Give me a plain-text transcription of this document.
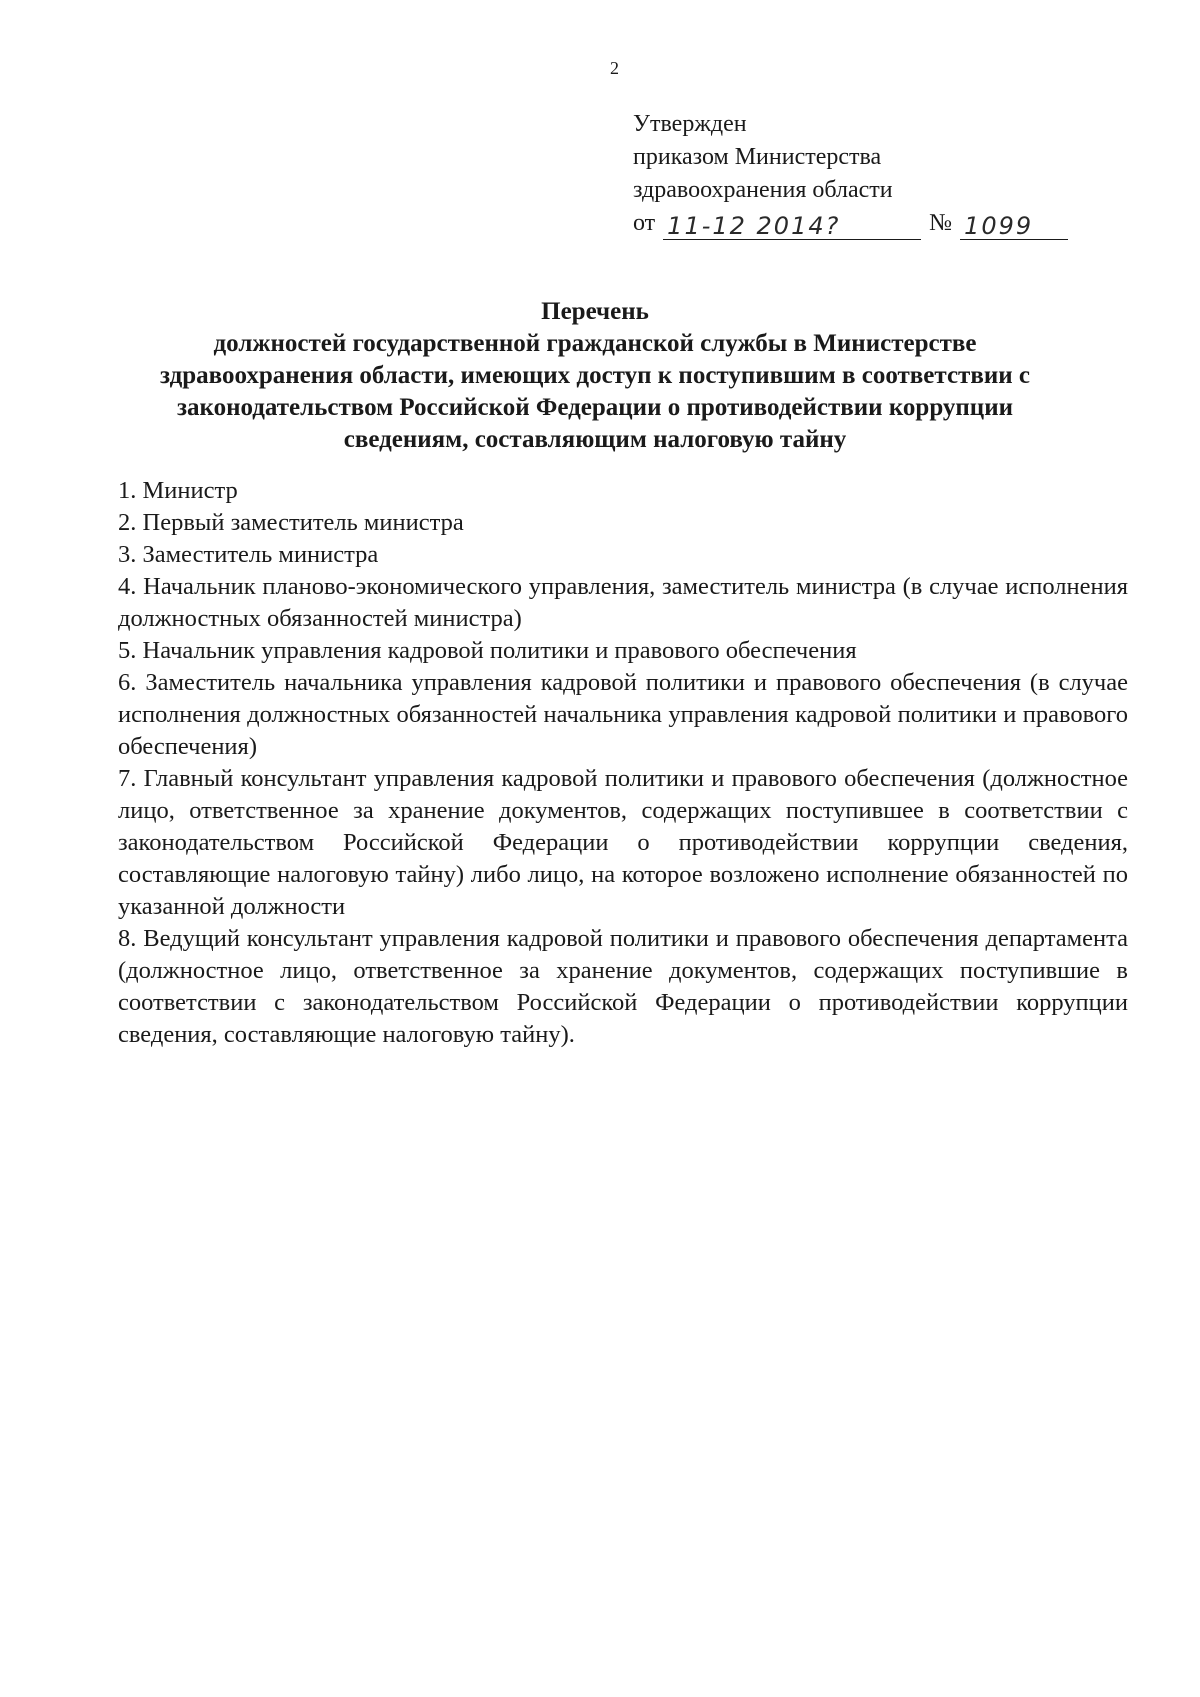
2
Утвержден
приказом Министерства
здравоохранения области
от 11-12 2014?	№ 1099
Перечень
должностей государственной гражданской службы в Министерстве
здравоохранения области, имеющих доступ к поступившим в соответствии с
законодательством Российской Федерации о противодействии коррупции
сведениям, составляющим налоговую тайну

1. Министр

2. Первый заместитель министра

3. Заместитель министра

4. Начальник планово-экономического управления, заместитель министра (в случае исполнения должностных обязанностей министра)

5. Начальник управления кадровой политики и правового обеспечения

6. Заместитель начальника управления кадровой политики и правового обеспечения (в случае исполнения должностных обязанностей начальника управления кадровой политики и правового обеспечения)

7. Главный консультант управления кадровой политики и правового обеспечения (должностное лицо, ответственное за хранение документов, содержащих поступившее в соответствии с законодательством Российской Федерации о противодействии коррупции сведения, составляющие налоговую тайну) либо лицо, на которое возложено исполнение обязанностей по указанной должности

8. Ведущий консультант управления кадровой политики и правового обеспечения департамента (должностное лицо, ответственное за хранение документов, содержащих поступившие в соответствии с законодательством Российской Федерации о противодействии коррупции сведения, составляющие налоговую тайну).
